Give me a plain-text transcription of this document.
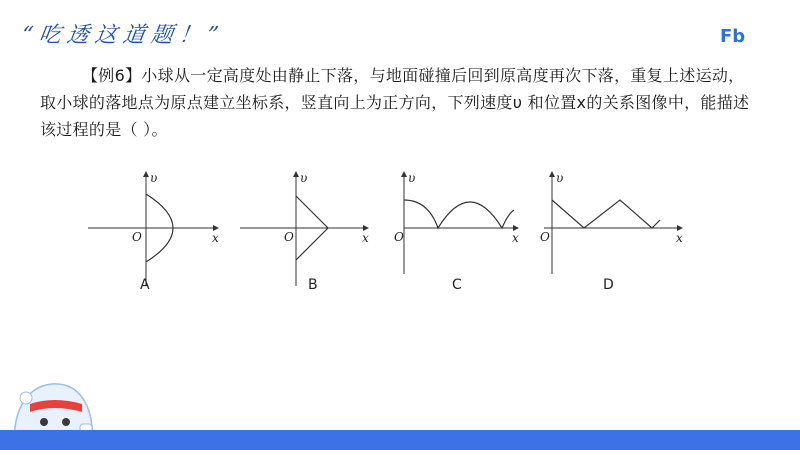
“吃透这道题！”	Fb
【例6】小球从一定高度处由静止下落，与地面碰撞后回到原高度再次下落，重复上述运动，取小球的落地点为原点建立坐标系，竖直向上为正方向，下列速度υ 和位置x的关系图像中，能描述该过程的是（ ）。
υ
x
O
A
υ
x
O
B
υ
x
O
C
υ
x
O
D
